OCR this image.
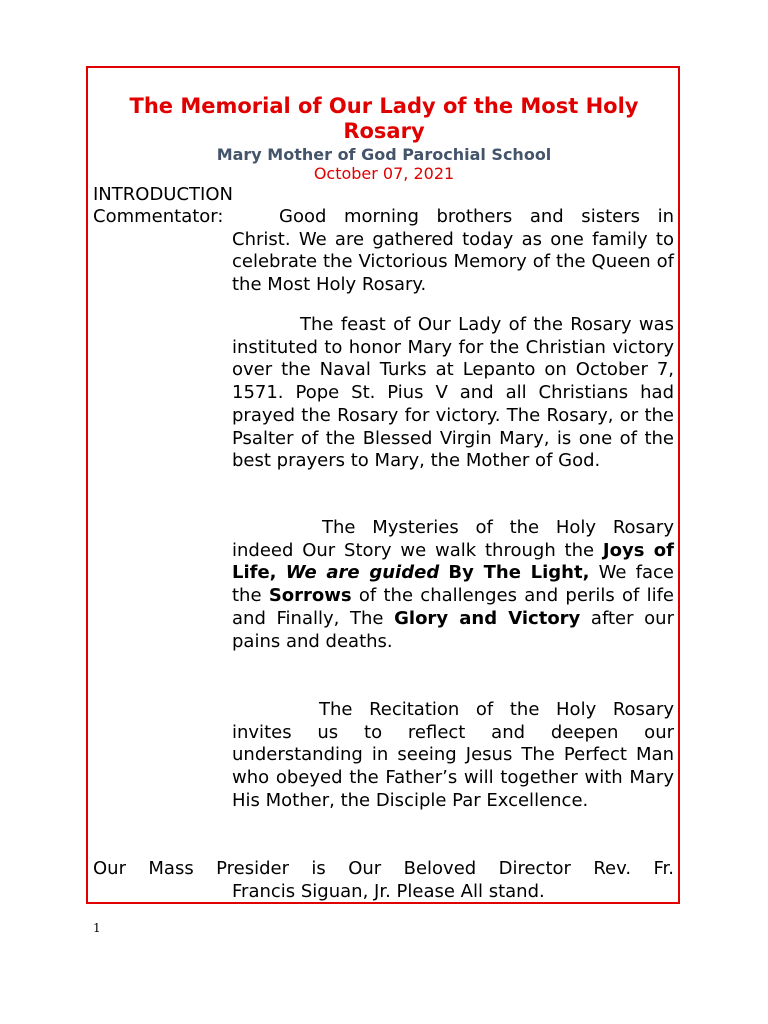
The Memorial of Our Lady of the Most Holy
Rosary
Mary Mother of God Parochial School
October 07, 2021
INTRODUCTION
Commentator:	Good morning brothers and sisters in Christ. We are gathered today as one family to celebrate the Victorious Memory of the Queen of the Most Holy Rosary.

The feast of Our Lady of the Rosary was instituted to honor Mary for the Christian victory over the Naval Turks at Lepanto on October 7, 1571. Pope St. Pius V and all Christians had prayed the Rosary for victory. The Rosary, or the Psalter of the Blessed Virgin Mary, is one of the best prayers to Mary, the Mother of God.

The Mysteries of the Holy Rosary indeed Our Story we walk through the Joys of Life, We are guided By The Light, We face the Sorrows of the challenges and perils of life and Finally, The Glory and Victory after our pains and deaths.

The Recitation of the Holy Rosary invites us to reflect and deepen our understanding in seeing Jesus The Perfect Man who obeyed the Father’s will together with Mary His Mother, the Disciple Par Excellence.

Our Mass Presider is Our Beloved Director Rev. Fr.

Francis Siguan, Jr. Please All stand.

1
